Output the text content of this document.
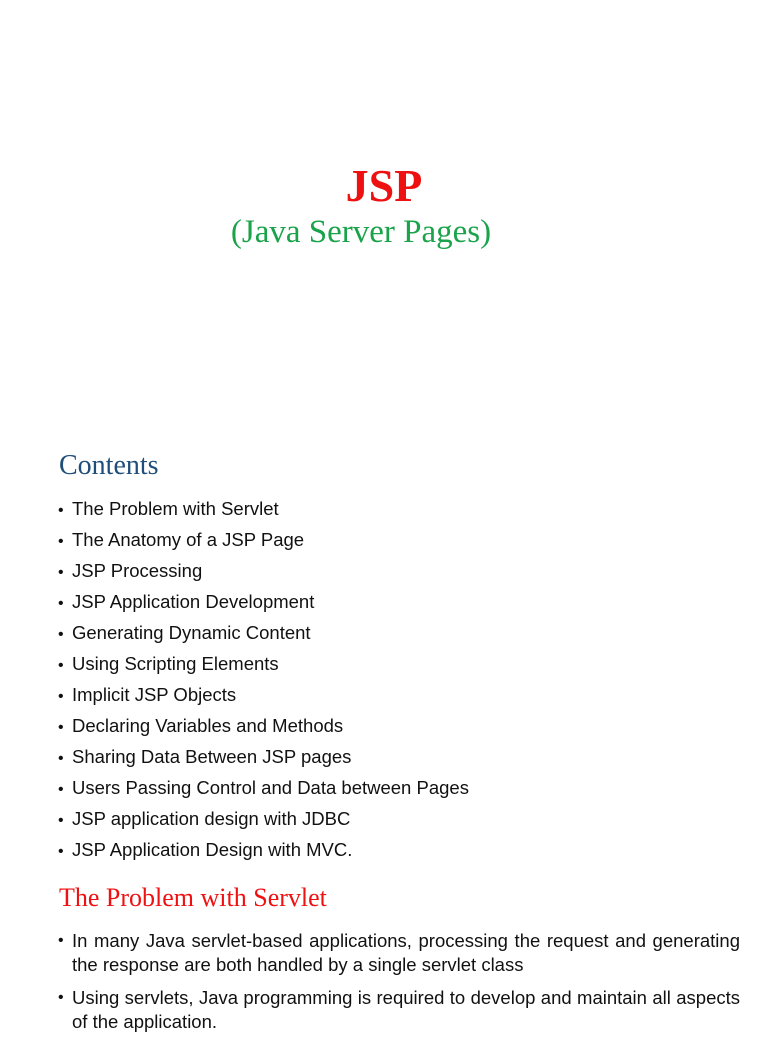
JSP
(Java Server Pages)
Contents
• The Problem with Servlet
• The Anatomy of a JSP Page
• JSP Processing
• JSP Application Development
• Generating Dynamic Content
• Using Scripting Elements
• Implicit JSP Objects
• Declaring Variables and Methods
• Sharing Data Between JSP pages
• Users Passing Control and Data between Pages
• JSP application design with JDBC
• JSP Application Design with MVC.
The Problem with Servlet
• In many Java servlet-based applications, processing the request and generating the response are both handled by a single servlet class
• Using servlets, Java programming is required to develop and maintain all aspects of the application.
